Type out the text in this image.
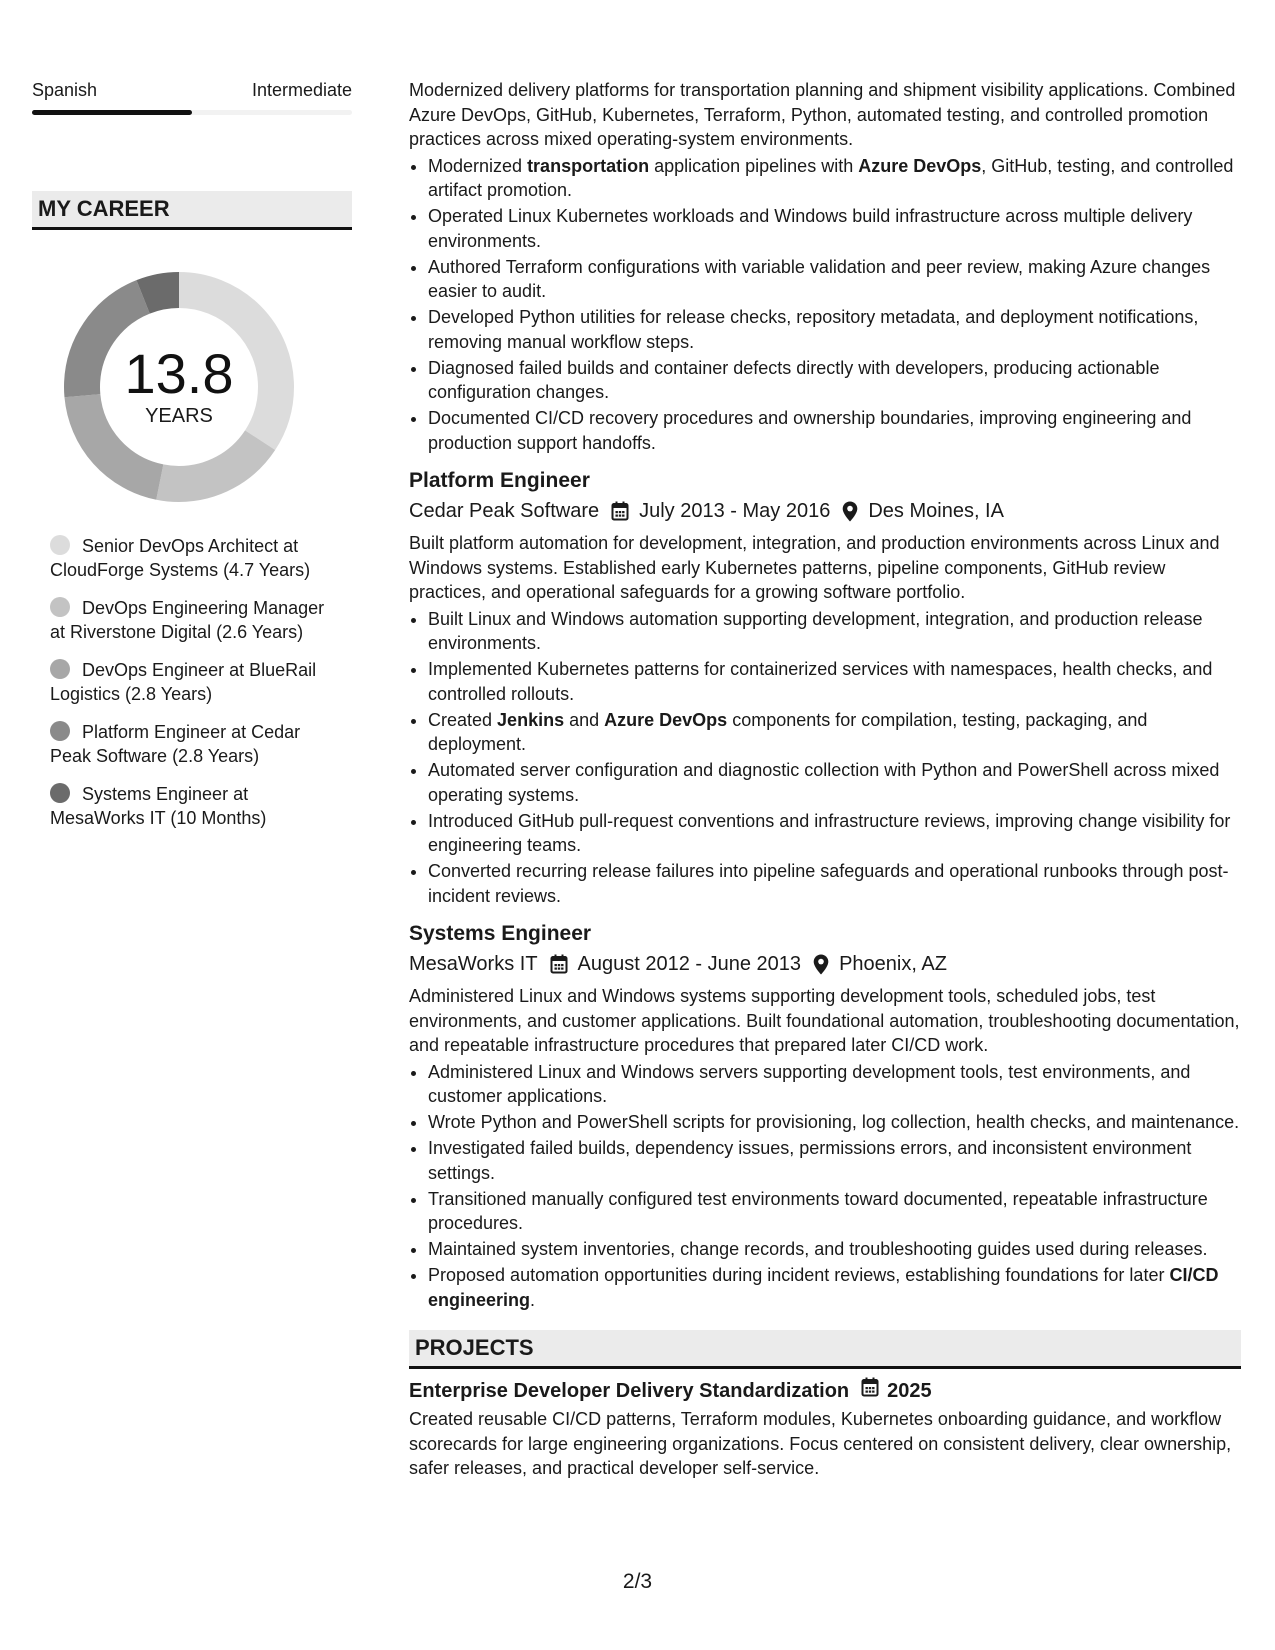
Spanish	Intermediate
MY CAREER
13.8
YEARS
Senior DevOps Architect at CloudForge Systems (4.7 Years)
DevOps Engineering Manager at Riverstone Digital (2.6 Years)
DevOps Engineer at BlueRail Logistics (2.8 Years)
Platform Engineer at Cedar Peak Software (2.8 Years)
Systems Engineer at MesaWorks IT (10 Months)

Modernized delivery platforms for transportation planning and shipment visibility applications. Combined Azure DevOps, GitHub, Kubernetes, Terraform, Python, automated testing, and controlled promotion practices across mixed operating-system environments.

• Modernized transportation application pipelines with Azure DevOps, GitHub, testing, and controlled artifact promotion.
• Operated Linux Kubernetes workloads and Windows build infrastructure across multiple delivery environments.
• Authored Terraform configurations with variable validation and peer review, making Azure changes easier to audit.
• Developed Python utilities for release checks, repository metadata, and deployment notifications, removing manual workflow steps.
• Diagnosed failed builds and container defects directly with developers, producing actionable configuration changes.
• Documented CI/CD recovery procedures and ownership boundaries, improving engineering and production support handoffs.
Platform Engineer
Cedar Peak Software July 2013 - May 2016 Des Moines, IA

Built platform automation for development, integration, and production environments across Linux and Windows systems. Established early Kubernetes patterns, pipeline components, GitHub review practices, and operational safeguards for a growing software portfolio.

• Built Linux and Windows automation supporting development, integration, and production release environments.
• Implemented Kubernetes patterns for containerized services with namespaces, health checks, and controlled rollouts.
• Created Jenkins and Azure DevOps components for compilation, testing, packaging, and deployment.
• Automated server configuration and diagnostic collection with Python and PowerShell across mixed operating systems.
• Introduced GitHub pull-request conventions and infrastructure reviews, improving change visibility for engineering teams.
• Converted recurring release failures into pipeline safeguards and operational runbooks through post-incident reviews.
Systems Engineer
MesaWorks IT August 2012 - June 2013 Phoenix, AZ

Administered Linux and Windows systems supporting development tools, scheduled jobs, test environments, and customer applications. Built foundational automation, troubleshooting documentation, and repeatable infrastructure procedures that prepared later CI/CD work.

• Administered Linux and Windows servers supporting development tools, test environments, and customer applications.
• Wrote Python and PowerShell scripts for provisioning, log collection, health checks, and maintenance.
• Investigated failed builds, dependency issues, permissions errors, and inconsistent environment settings.
• Transitioned manually configured test environments toward documented, repeatable infrastructure procedures.
• Maintained system inventories, change records, and troubleshooting guides used during releases.
• Proposed automation opportunities during incident reviews, establishing foundations for later CI/CD engineering.
PROJECTS
Enterprise Developer Delivery Standardization 2025

Created reusable CI/CD patterns, Terraform modules, Kubernetes onboarding guidance, and workflow scorecards for large engineering organizations. Focus centered on consistent delivery, clear ownership, safer releases, and practical developer self-service.

2/3
